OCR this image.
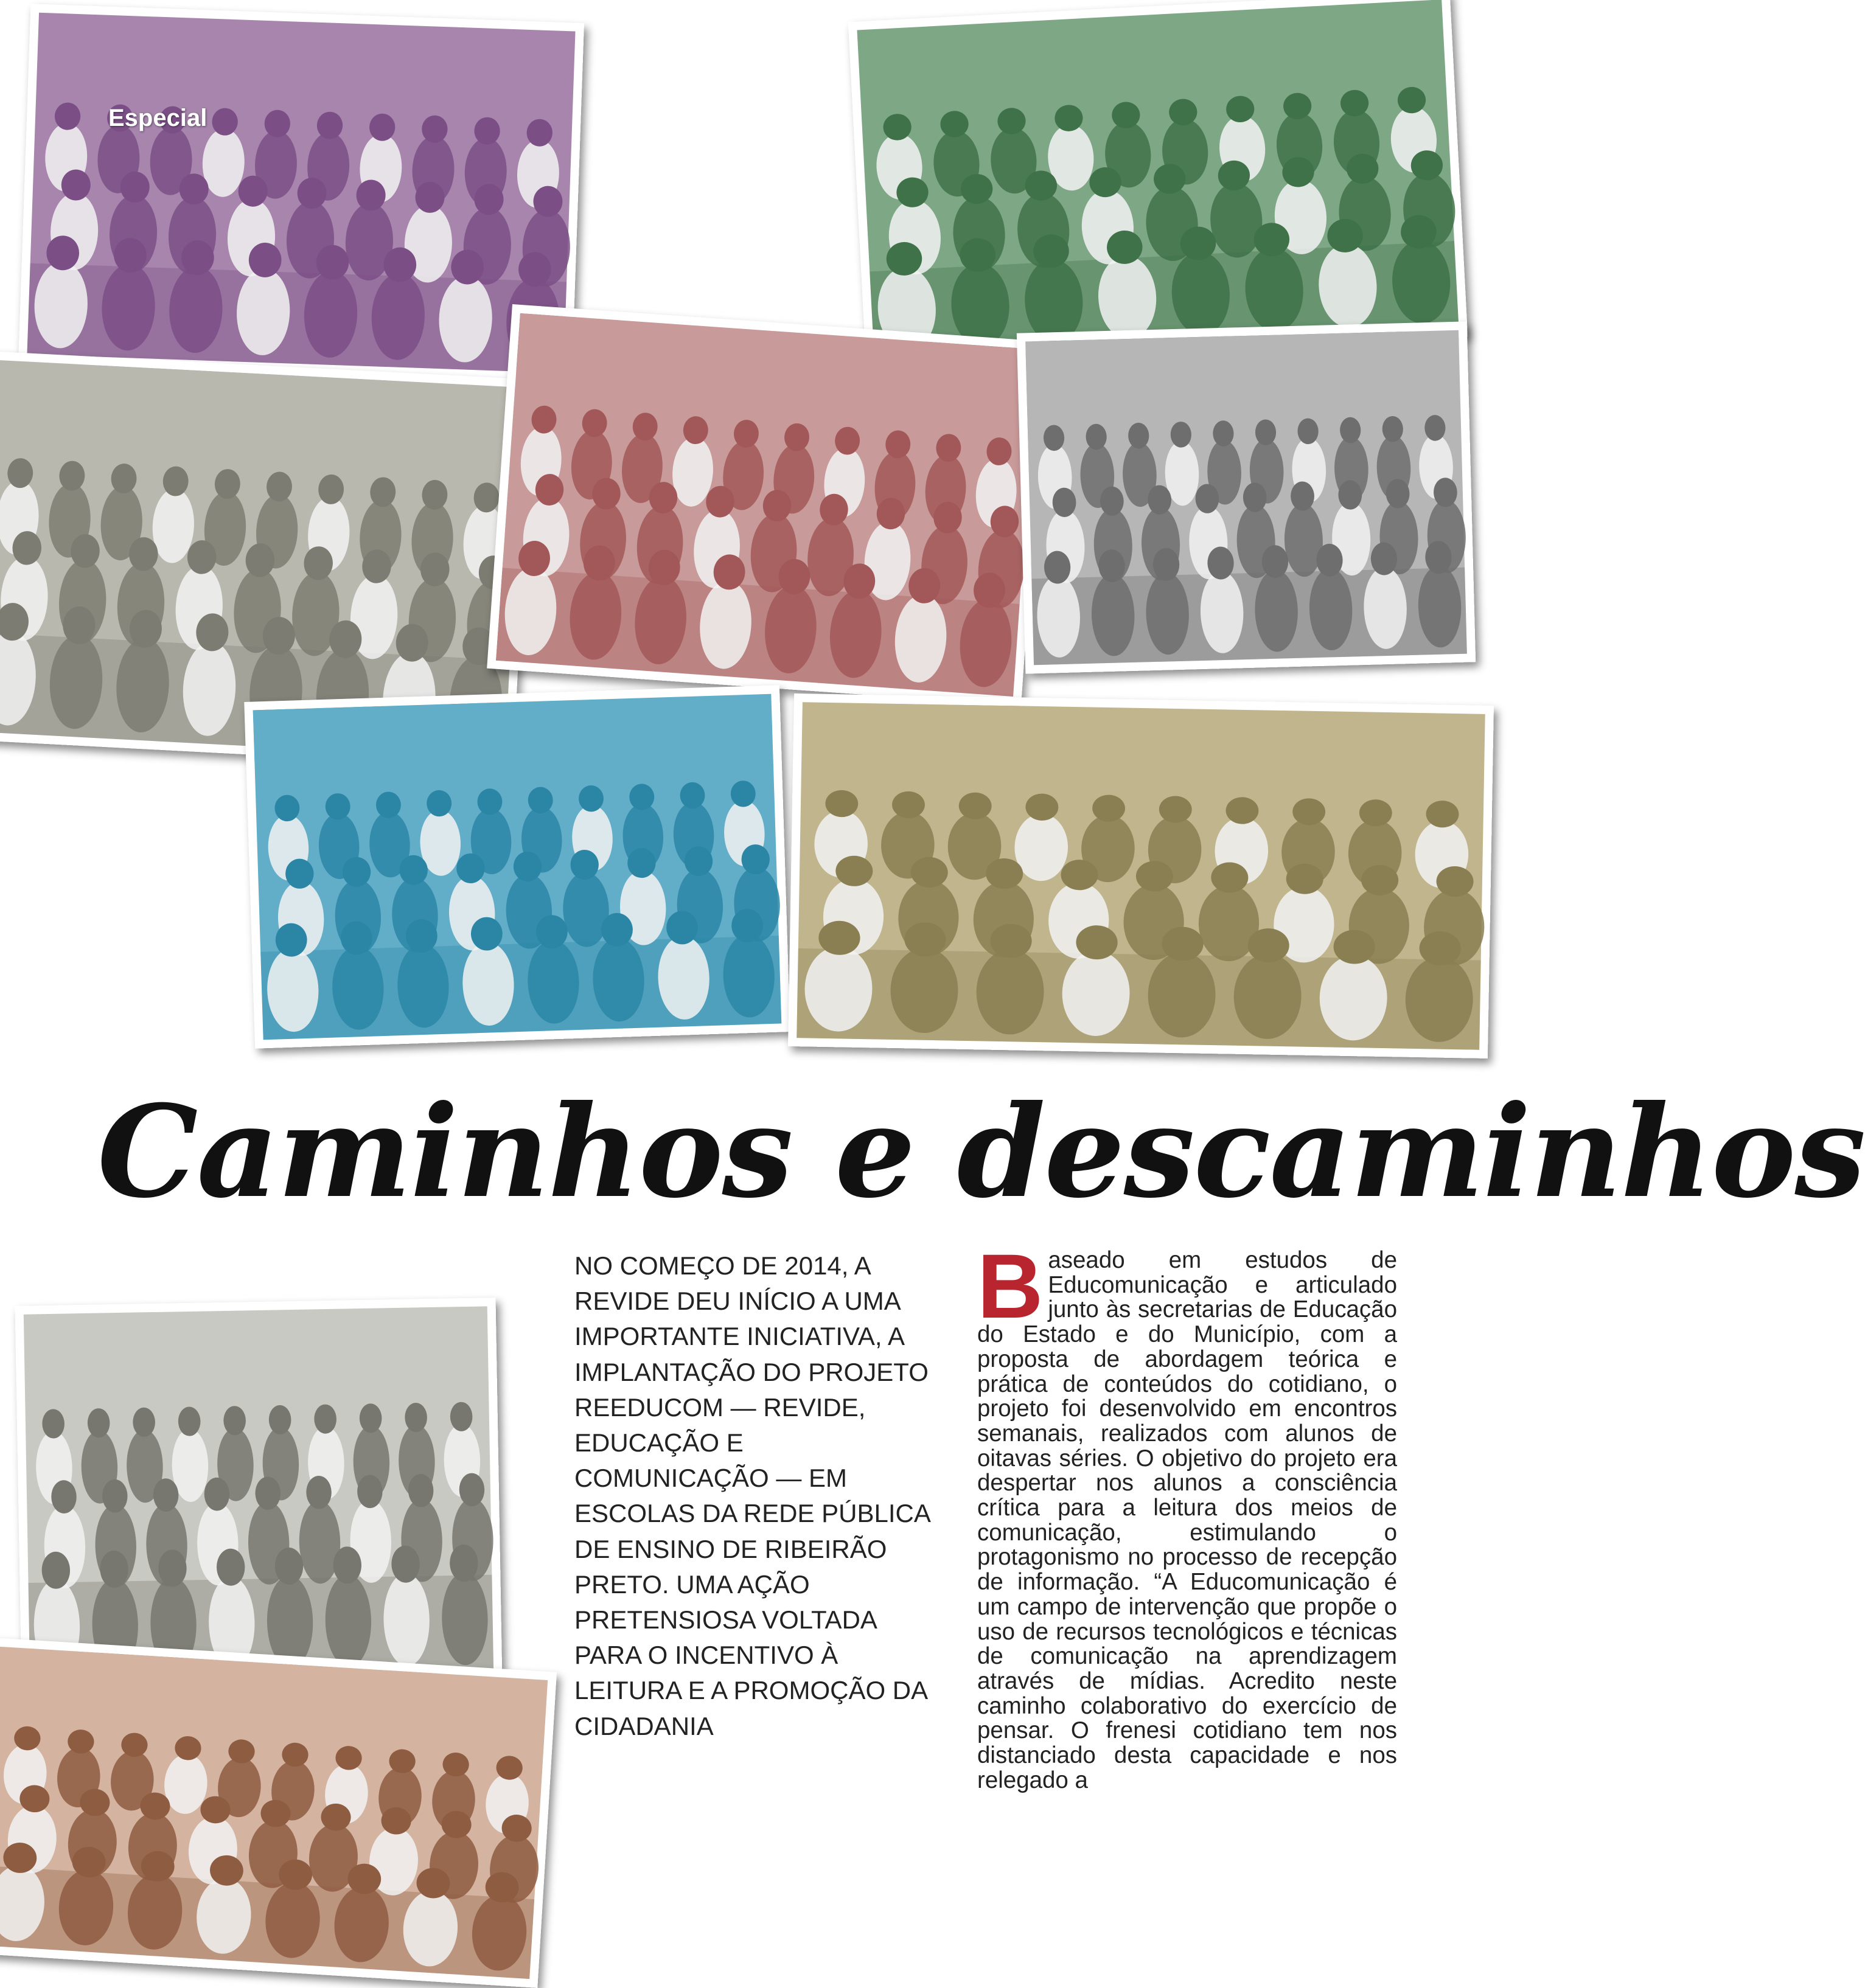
Especial
Caminhos e descaminhos

NO COMEÇO DE 2014, A REVIDE DEU INÍCIO A UMA IMPORTANTE INICIATIVA, A IMPLANTAÇÃO DO PROJETO REEDUCOM — REVIDE, EDUCAÇÃO E COMUNICAÇÃO — EM ESCOLAS DA REDE PÚBLICA DE ENSINO DE RIBEIRÃO PRETO. UMA AÇÃO PRETENSIOSA VOLTADA PARA O INCENTIVO À LEITURA E A PROMOÇÃO DA CIDADANIA

Baseado em estudos de Educomunicação e articulado junto às secretarias de Educação do Estado e do Município, com a proposta de abordagem teórica e prática de conteúdos do cotidiano, o projeto foi desenvolvido em encontros semanais, realizados com alunos de oitavas séries. O objetivo do projeto era despertar nos alunos a consciência crítica para a leitura dos meios de comunicação, estimulando o protagonismo no processo de recepção de informação. “A Educomunicação é um campo de intervenção que propõe o uso de recursos tecnológicos e técnicas de comunicação na aprendizagem através de mídias. Acredito neste caminho colaborativo do exercício de pensar. O frenesi cotidiano tem nos distanciado desta capacidade e nos relegado a
